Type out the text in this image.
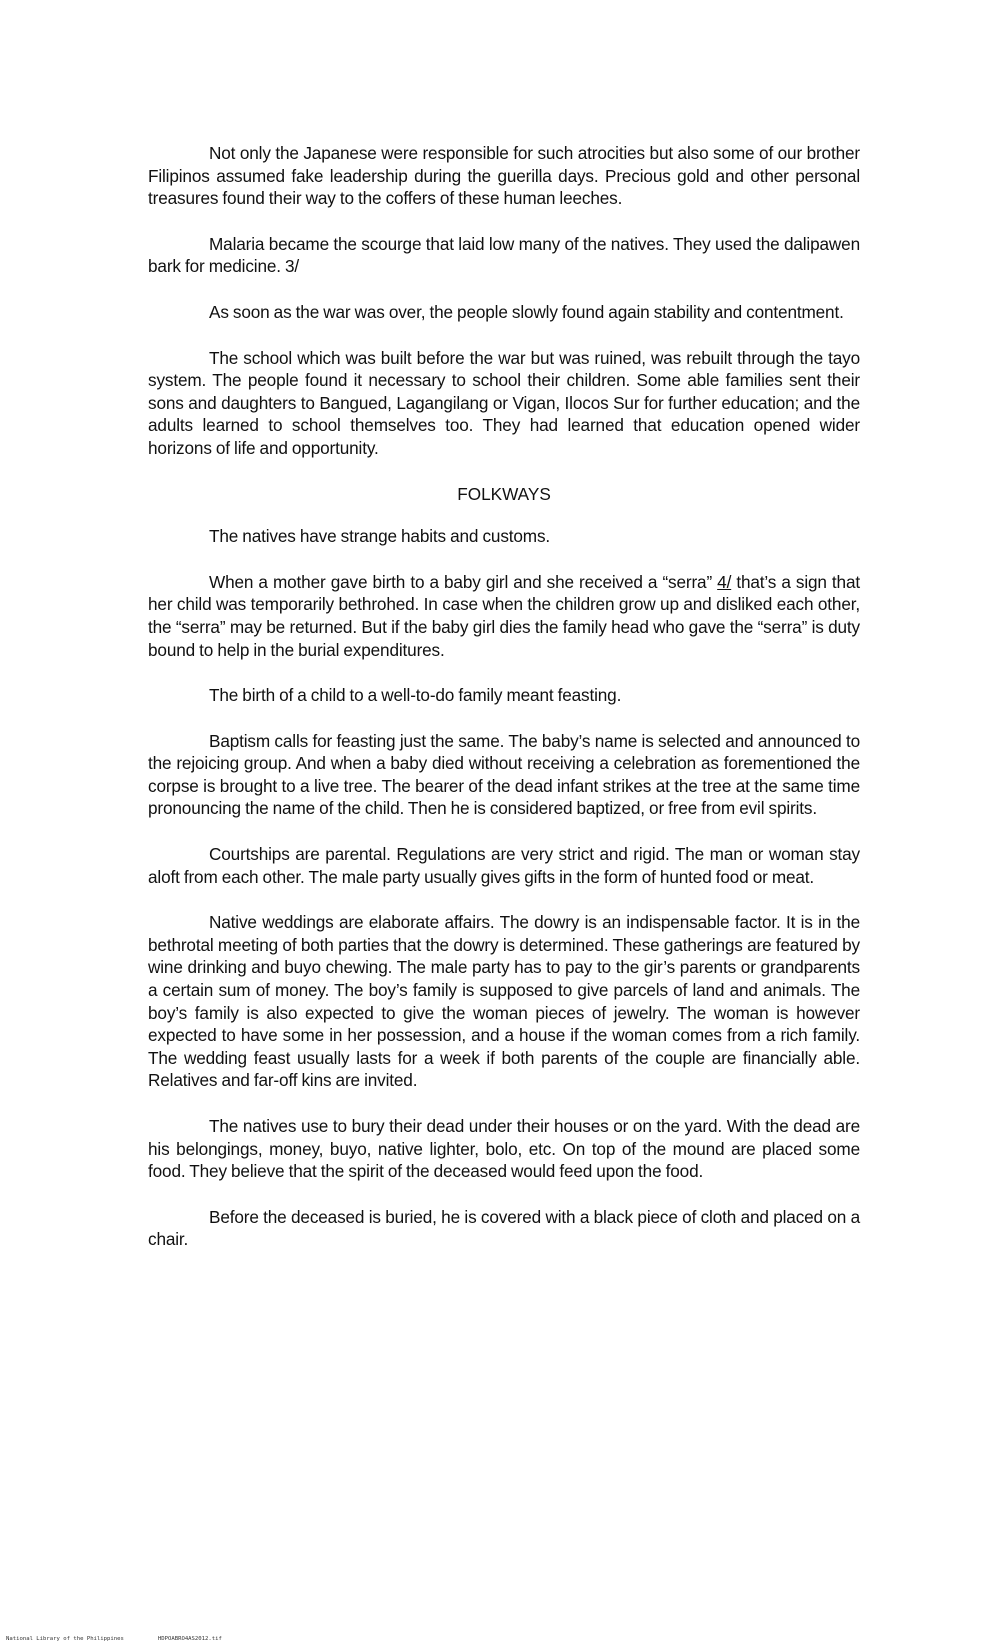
Not only the Japanese were responsible for such atrocities but also some of our brother Filipinos assumed fake leadership during the guerilla days. Precious gold and other personal treasures found their way to the coffers of these human leeches.

Malaria became the scourge that laid low many of the natives. They used the dalipawen bark for medicine. 3/

As soon as the war was over, the people slowly found again stability and contentment.

The school which was built before the war but was ruined, was rebuilt through the tayo system. The people found it necessary to school their children. Some able families sent their sons and daughters to Bangued, Lagangilang or Vigan, Ilocos Sur for further education; and the adults learned to school themselves too. They had learned that education opened wider horizons of life and opportunity.

FOLKWAYS

The natives have strange habits and customs.

When a mother gave birth to a baby girl and she received a “serra” 4/ that’s a sign that her child was temporarily bethrohed. In case when the children grow up and disliked each other, the “serra” may be returned. But if the baby girl dies the family head who gave the “serra” is duty bound to help in the burial expenditures.

The birth of a child to a well-to-do family meant feasting.

Baptism calls for feasting just the same. The baby’s name is selected and announced to the rejoicing group. And when a baby died without receiving a celebration as forementioned the corpse is brought to a live tree. The bearer of the dead infant strikes at the tree at the same time pronouncing the name of the child. Then he is considered baptized, or free from evil spirits.

Courtships are parental. Regulations are very strict and rigid. The man or woman stay aloft from each other. The male party usually gives gifts in the form of hunted food or meat.

Native weddings are elaborate affairs. The dowry is an indispensable factor. It is in the bethrotal meeting of both parties that the dowry is determined. These gatherings are featured by wine drinking and buyo chewing. The male party has to pay to the gir’s parents or grandparents a certain sum of money. The boy’s family is supposed to give parcels of land and animals. The boy’s family is also expected to give the woman pieces of jewelry. The woman is however expected to have some in her possession, and a house if the woman comes from a rich family. The wedding feast usually lasts for a week if both parents of the couple are financially able. Relatives and far-off kins are invited.

The natives use to bury their dead under their houses or on the yard. With the dead are his belongings, money, buyo, native lighter, bolo, etc. On top of the mound are placed some food. They believe that the spirit of the deceased would feed upon the food.

Before the deceased is buried, he is covered with a black piece of cloth and placed on a chair.

National Library of the Philippines	HDPOABRO4AS2012.tif
